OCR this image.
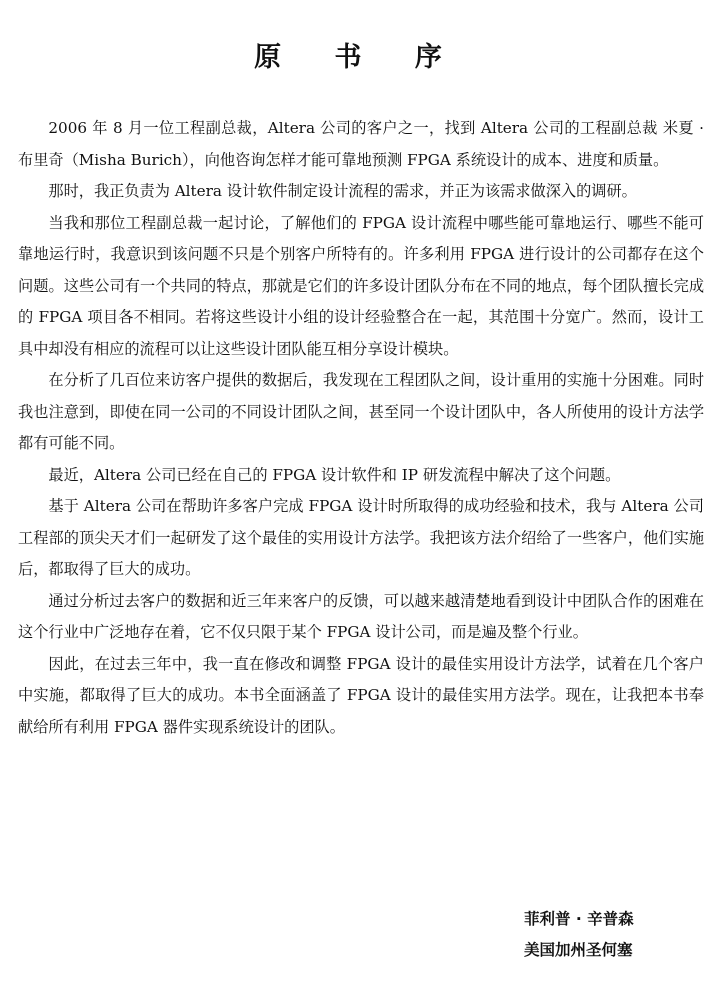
原 书 序

2006 年 8 月一位工程副总裁，Altera 公司的客户之一，找到 Altera 公司的工程副总裁 米夏 · 布里奇（Misha Burich），向他咨询怎样才能可靠地预测 FPGA 系统设计的成本、进度和质量。

那时，我正负责为 Altera 设计软件制定设计流程的需求，并正为该需求做深入的调研。

当我和那位工程副总裁一起讨论，了解他们的 FPGA 设计流程中哪些能可靠地运行、哪些不能可靠地运行时，我意识到该问题不只是个别客户所特有的。许多利用 FPGA 进行设计的公司都存在这个问题。这些公司有一个共同的特点，那就是它们的许多设计团队分布在不同的地点，每个团队擅长完成的 FPGA 项目各不相同。若将这些设计小组的设计经验整合在一起，其范围十分宽广。然而，设计工具中却没有相应的流程可以让这些设计团队能互相分享设计模块。

在分析了几百位来访客户提供的数据后，我发现在工程团队之间，设计重用的实施十分困难。同时我也注意到，即使在同一公司的不同设计团队之间，甚至同一个设计团队中，各人所使用的设计方法学都有可能不同。

最近，Altera 公司已经在自己的 FPGA 设计软件和 IP 研发流程中解决了这个问题。

基于 Altera 公司在帮助许多客户完成 FPGA 设计时所取得的成功经验和技术，我与 Altera 公司工程部的顶尖天才们一起研发了这个最佳的实用设计方法学。我把该方法介绍给了一些客户，他们实施后，都取得了巨大的成功。

通过分析过去客户的数据和近三年来客户的反馈，可以越来越清楚地看到设计中团队合作的困难在这个行业中广泛地存在着，它不仅只限于某个 FPGA 设计公司，而是遍及整个行业。

因此，在过去三年中，我一直在修改和调整 FPGA 设计的最佳实用设计方法学，试着在几个客户中实施，都取得了巨大的成功。本书全面涵盖了 FPGA 设计的最佳实用方法学。现在，让我把本书奉献给所有利用 FPGA 器件实现系统设计的团队。

菲利普 · 辛普森
美国加州圣何塞
